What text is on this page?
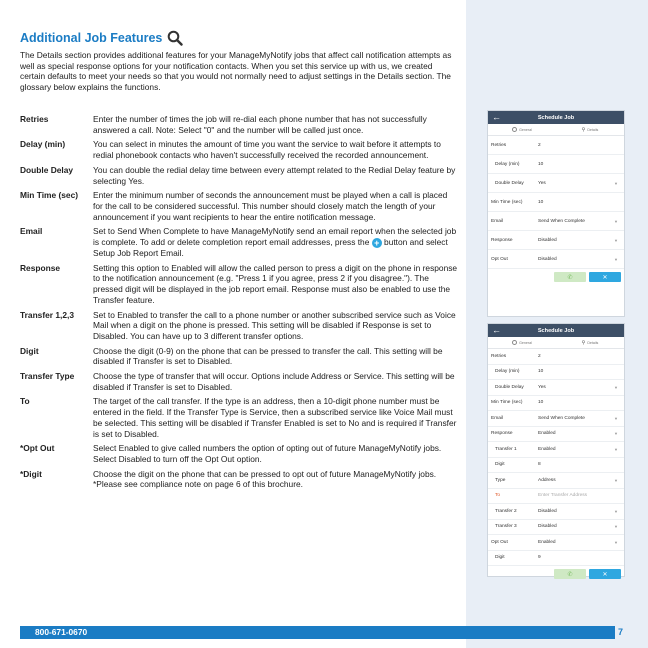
Additional Job Features
The Details section provides additional features for your ManageMyNotify jobs that affect call notification attempts as well as special response options for your notification contacts. When you set this service up with us, we created certain defaults to meet your needs so that you would not normally need to adjust settings in the Details section. The glossary below explains the functions.
Retries	Enter the number of times the job will re-dial each phone number that has not successfully answered a call. Note: Select "0" and the number will be called just once.
Delay (min)	You can select in minutes the amount of time you want the service to wait before it attempts to redial phonebook contacts who haven't successfully received the recorded announcement.
Double Delay	You can double the redial delay time between every attempt related to the Redial Delay feature by selecting Yes.
Min Time (sec)	Enter the minimum number of seconds the announcement must be played when a call is placed for the call to be considered successful. This number should closely match the length of your announcement if you want recipients to hear the entire notification message.
Email	Set to Send When Complete to have ManageMyNotify send an email report when the selected job is complete. To add or delete completion report email addresses, press the + button and select Setup Job Report Email.
Response	Setting this option to Enabled will allow the called person to press a digit on the phone in response to the notification announcement (e.g. "Press 1 if you agree, press 2 if you disagree."). The pressed digit will be displayed in the job report email. Response must also be enabled to use the Transfer feature.
Transfer 1,2,3	Set to Enabled to transfer the call to a phone number or another subscribed service such as Voice Mail when a digit on the phone is pressed. This setting will be disabled if Response is set to Disabled. You can have up to 3 different transfer options.
Digit	Choose the digit (0-9) on the phone that can be pressed to transfer the call. This setting will be disabled if Transfer is set to Disabled.
Transfer Type	Choose the type of transfer that will occur. Options include Address or Service. This setting will be disabled if Transfer is set to Disabled.
To	The target of the call transfer. If the type is an address, then a 10-digit phone number must be entered in the field. If the Transfer Type is Service, then a subscribed service like Voice Mail must be selected. This setting will be disabled if Transfer Enabled is set to No and is required if Transfer is set to Disabled.
*Opt Out	Select Enabled to give called numbers the option of opting out of future ManageMyNotify jobs. Select Disabled to turn off the Opt Out option.
*Digit	Choose the digit on the phone that can be pressed to opt out of future ManageMyNotify jobs. *Please see compliance note on page 6 of this brochure.
←	Schedule Job
General	⚲ Details
Retries	2
Delay (min)	10
Double Delay	Yes	▼
Min Time (sec)	10
Email	Send When Complete	▼
Response	Disabled	▼
Opt Out	Disabled	▼
✆	✕
←	Schedule Job
General	⚲ Details
Retries	2
Delay (min)	10
Double Delay	Yes	▼
Min Time (sec)	10
Email	Send When Complete	▼
Response	Enabled	▼
Transfer 1	Enabled	▼
Digit	8
Type	Address	▼
To	Enter Transfer Address
Transfer 2	Disabled	▼
Transfer 3	Disabled	▼
Opt Out	Enabled	▼
Digit	9
✆	✕
800-671-0670	7
